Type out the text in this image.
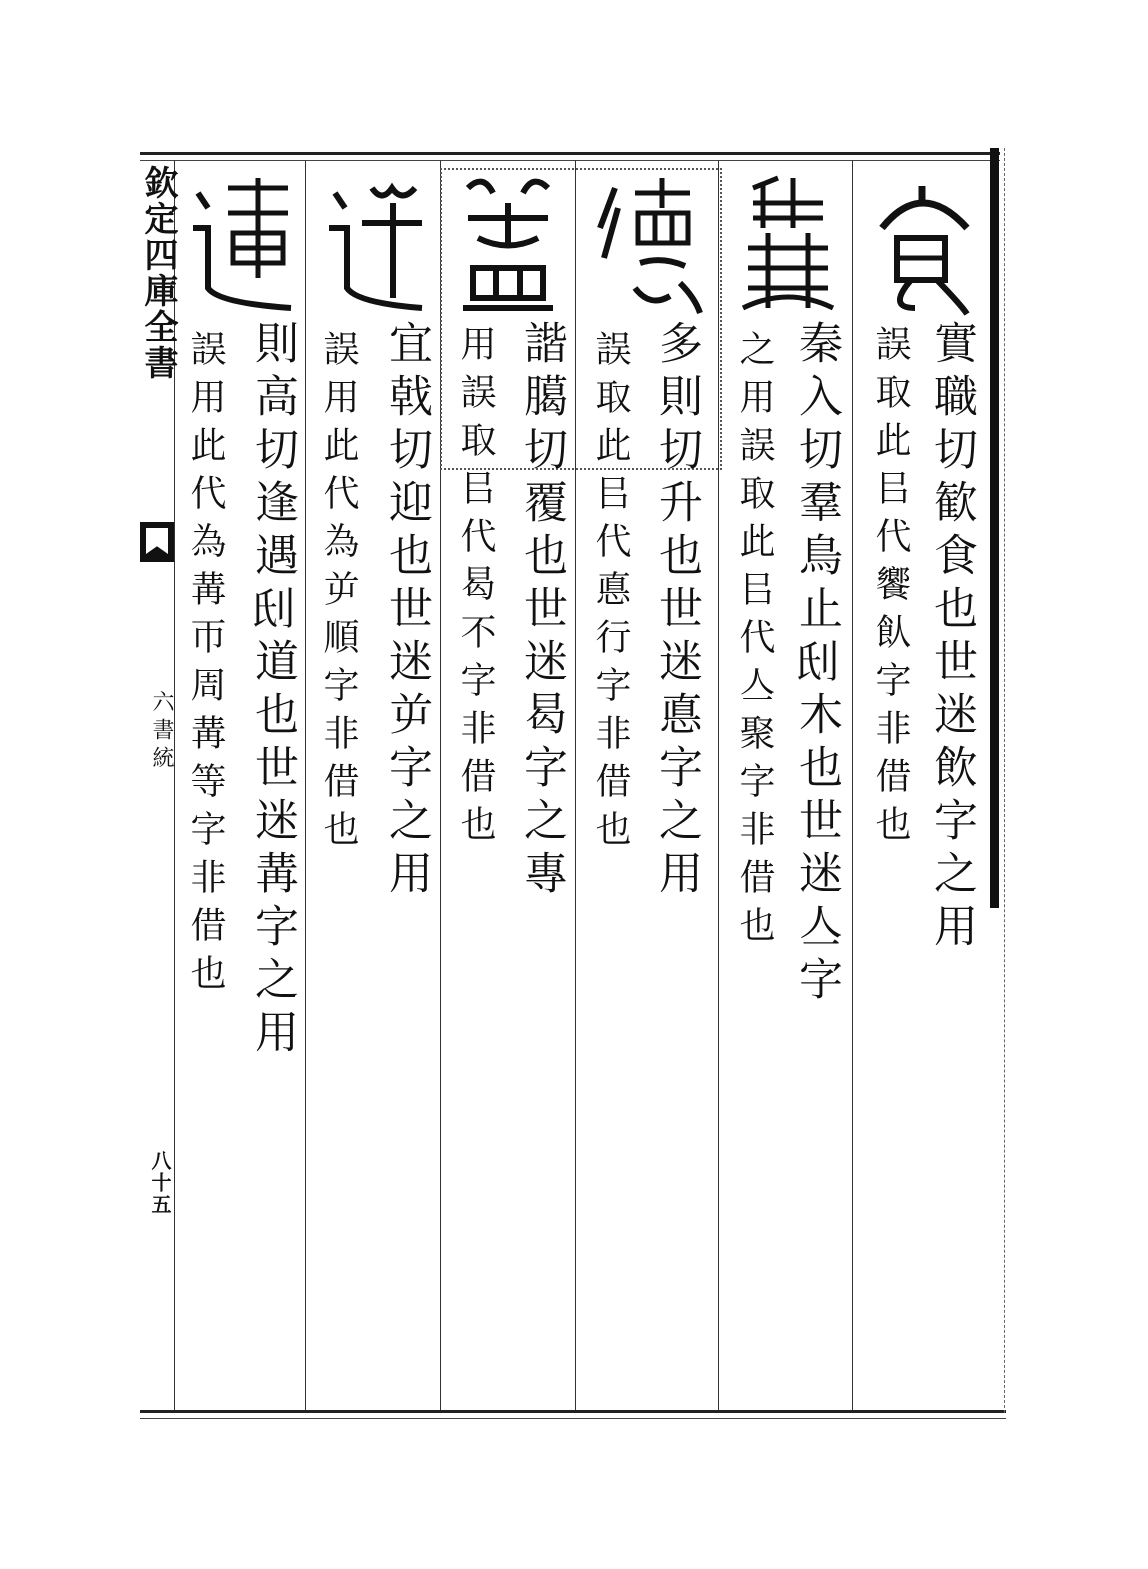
欽定四庫全書
六書統
八十五
實職切歓食也世迷飲字之用
誤取此㠯代饗飤字非借也
秦入切羣鳥止𠛊木也世迷亼字
之用誤取此㠯代亼聚字非借也
多則切升也世迷悳字之用
誤取此㠯代悳行字非借也
諧臈切覆也世迷曷字之專
用誤取㠯代曷不字非借也
宜戟切迎也世迷屰字之用
誤用此代為屰順字非借也
則高切逢遇𠛊道也世迷冓字之用
誤用此代為冓帀周冓等字非借也
